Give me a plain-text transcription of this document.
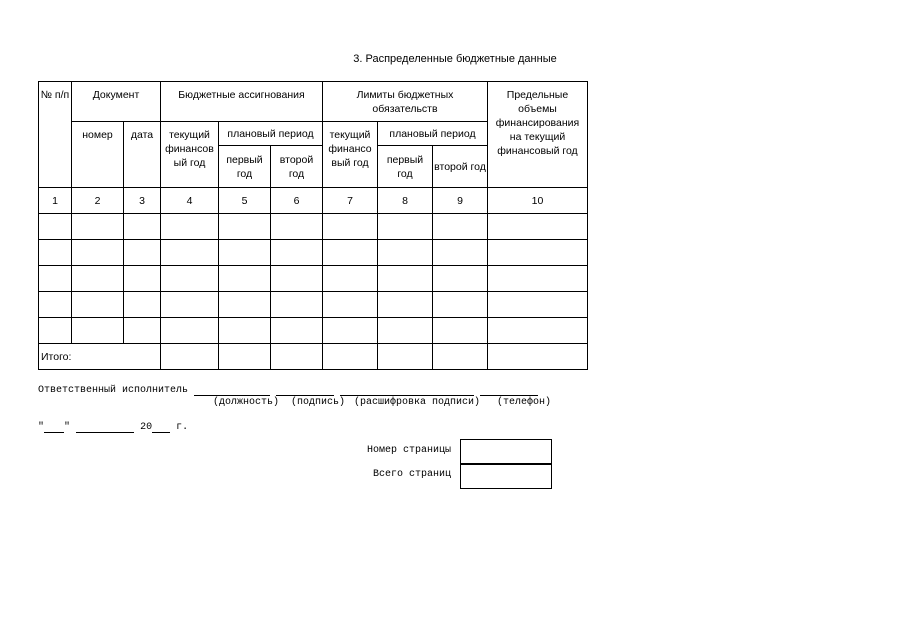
3. Распределенные бюджетные данные
№ п/п	Документ		Бюджетные ассигнования			Лимиты бюджетных обязательств			Предельные объемы финансирования на текущий финансовый год
	номер	дата	текущий финансов ый год	плановый период		текущий финансо вый год	плановый период		
				первый год	второй год		первый год	второй год	
1	2	3	4	5	6	7	8	9	10

Итого:									
Ответственный исполнитель
(должность) (подпись) (расшифровка подписи) (телефон)
" "	20 г.
Номер страницы
Всего страниц
